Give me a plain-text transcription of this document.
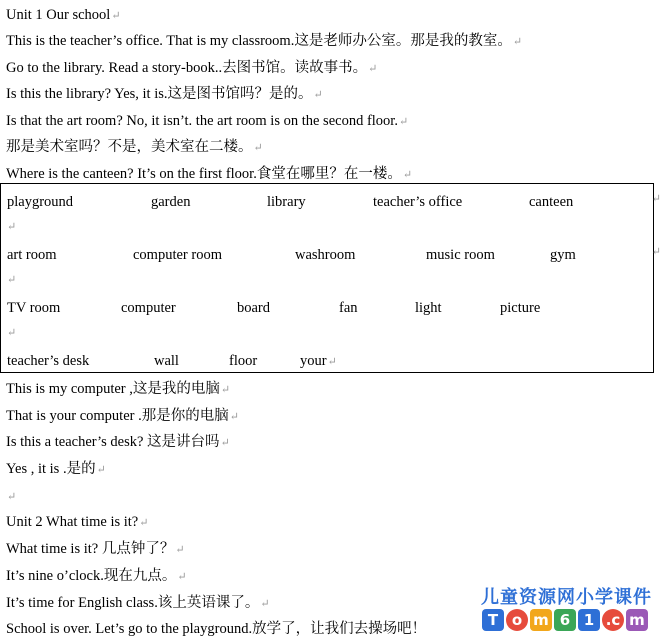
Unit 1 Our school↵
This is the teacher’s office. That is my classroom.这是老师办公室。那是我的教室。↵
Go to the library. Read a story-book..去图书馆。读故事书。↵
Is this the library? Yes, it is.这是图书馆吗？是的。↵
Is that the art room? No, it isn’t. the art room is on the second floor.↵
那是美术室吗？不是，美术室在二楼。↵
Where is the canteen? It’s on the first floor.食堂在哪里？在一楼。↵
↵
↵
playground	garden	library	teacher’s office	canteen
↵
art room	computer room	washroom	music room	gym
↵
TV room	computer	board	fan	light	picture
↵
teacher’s desk	wall	floor	your↵
This is my computer ,这是我的电脑↵
That is your computer .那是你的电脑↵
Is this a teacher’s desk? 这是讲台吗↵
Yes , it is .是的↵
↵
Unit 2 What time is it?↵
What time is it? 几点钟了？↵
It’s nine o’clock.现在九点。↵
It’s time for English class.该上英语课了。↵
School is over. Let’s go to the playground.放学了，让我们去操场吧！
儿童资源网小学课件
T o m 6 1 .c m
